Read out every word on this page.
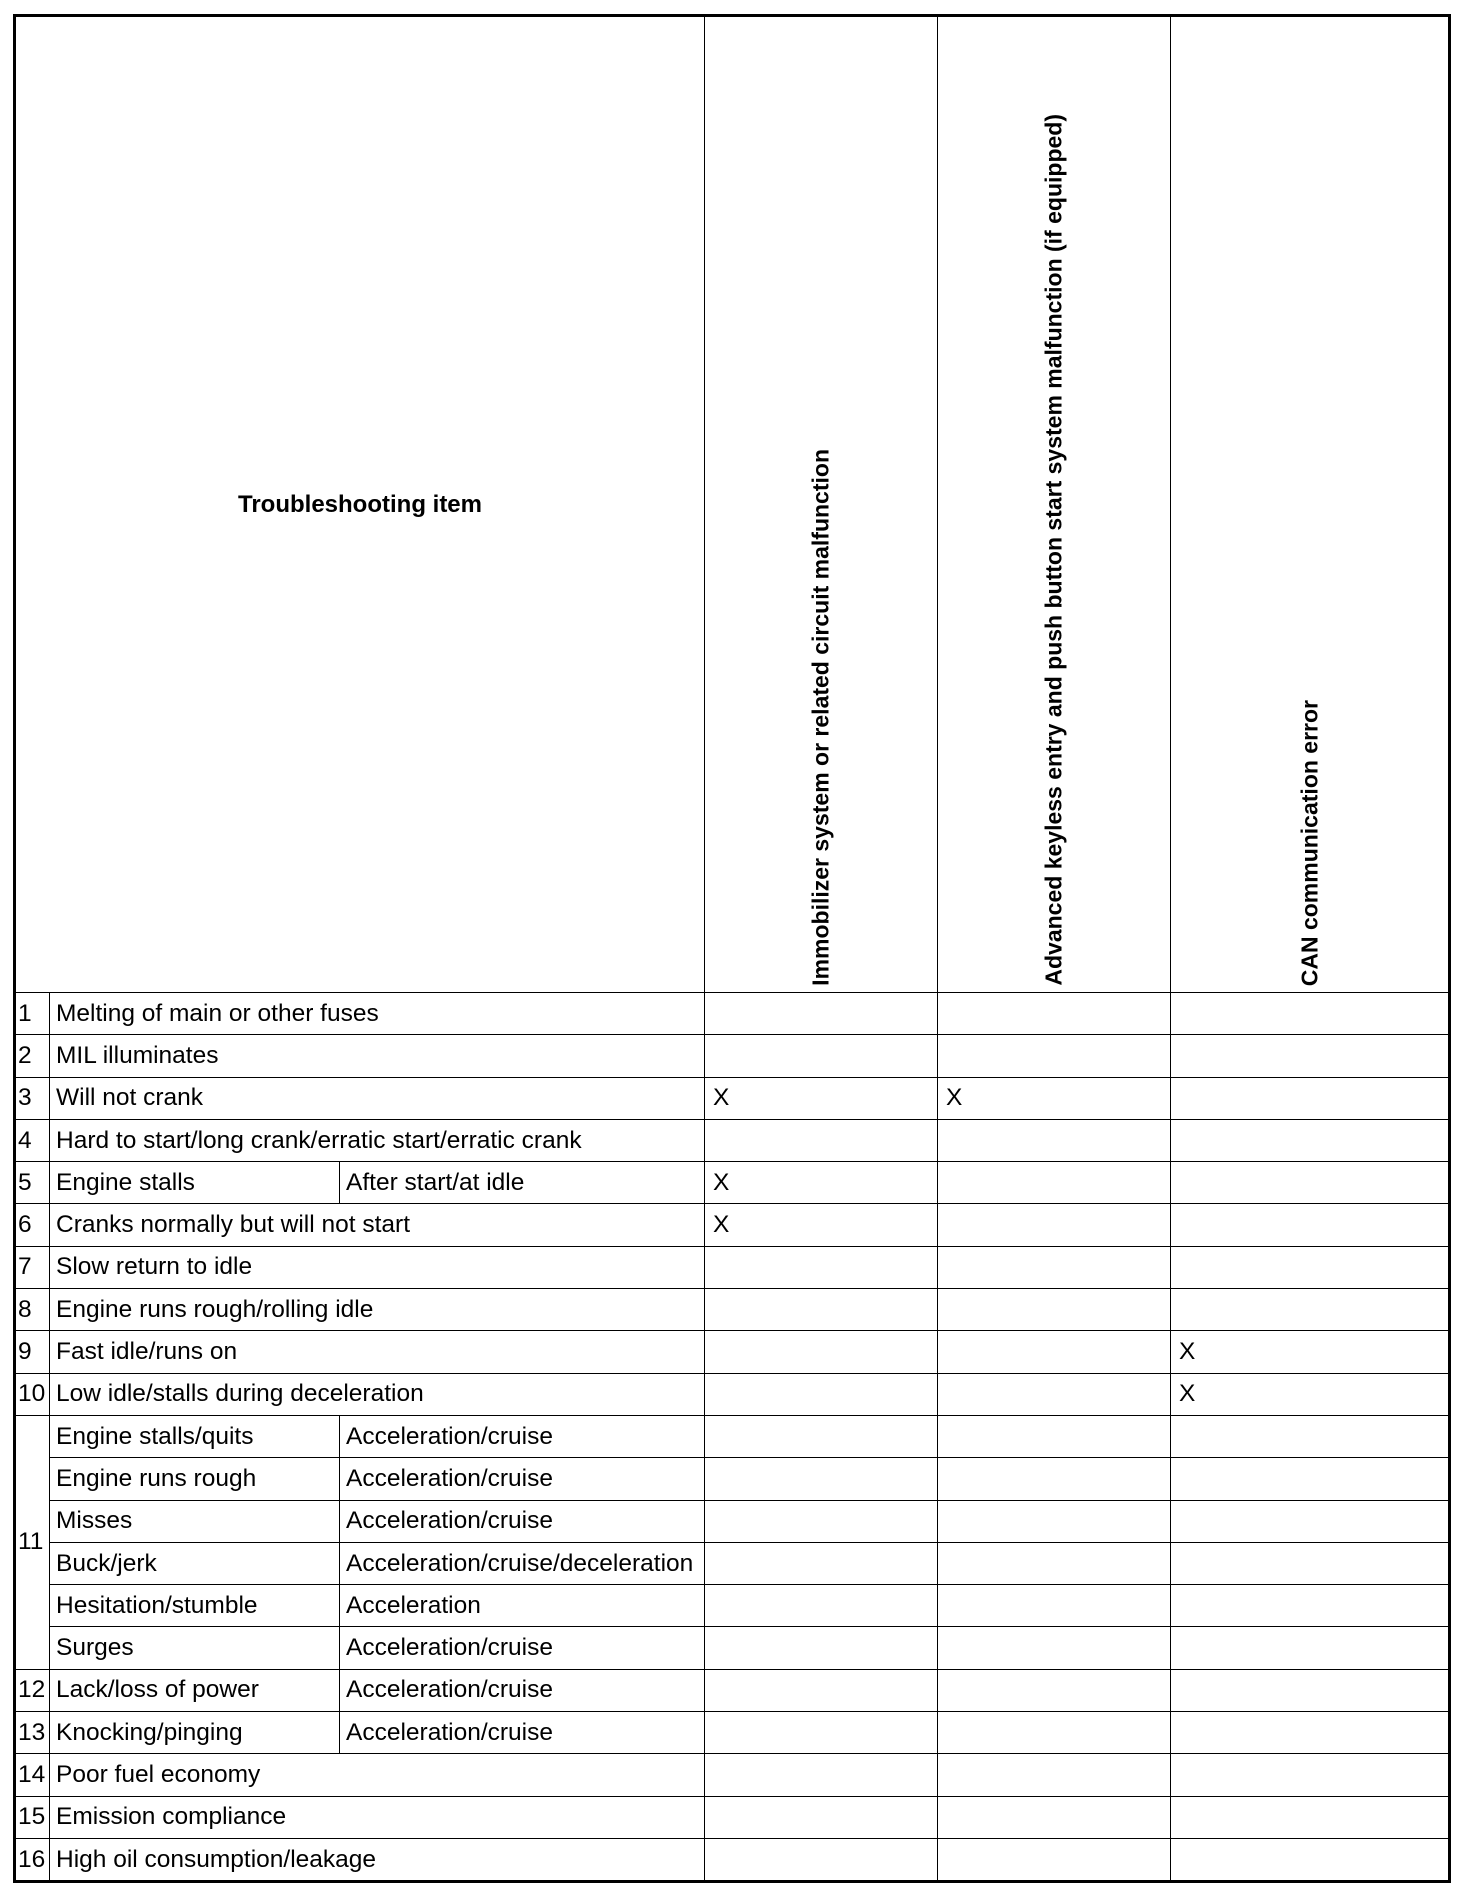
Troubleshooting item			Immobilizer system or related circuit malfunction	Advanced keyless entry and push button start system malfunction (if equipped)	CAN communication error

1	Melting of main or other fuses				
2	MIL illuminates				
3	Will not crank		X	X	
4	Hard to start/long crank/erratic start/erratic crank				
5	Engine stalls	After start/at idle	X		
6	Cranks normally but will not start		X		
7	Slow return to idle				
8	Engine runs rough/rolling idle				
9	Fast idle/runs on				X
10	Low idle/stalls during deceleration				X
11	Engine stalls/quits	Acceleration/cruise			
	Engine runs rough	Acceleration/cruise			
	Misses	Acceleration/cruise			
	Buck/jerk	Acceleration/cruise/deceleration			
	Hesitation/stumble	Acceleration			
	Surges	Acceleration/cruise			
12	Lack/loss of power	Acceleration/cruise			
13	Knocking/pinging	Acceleration/cruise			
14	Poor fuel economy				
15	Emission compliance				
16	High oil consumption/leakage				
